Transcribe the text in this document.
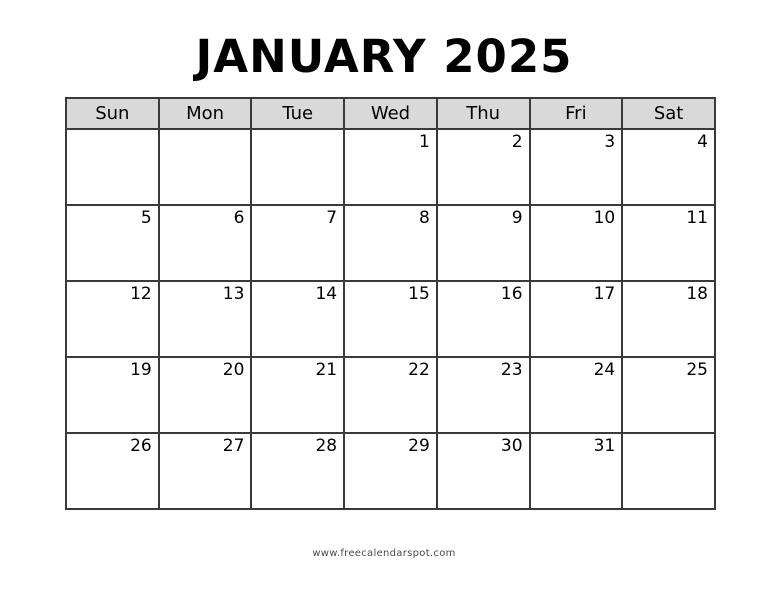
JANUARY 2025
Sun	Mon	Tue	Wed	Thu	Fri	Sat
			1	2	3	4
5	6	7	8	9	10	11
12	13	14	15	16	17	18
19	20	21	22	23	24	25
26	27	28	29	30	31	
www.freecalendarspot.com
